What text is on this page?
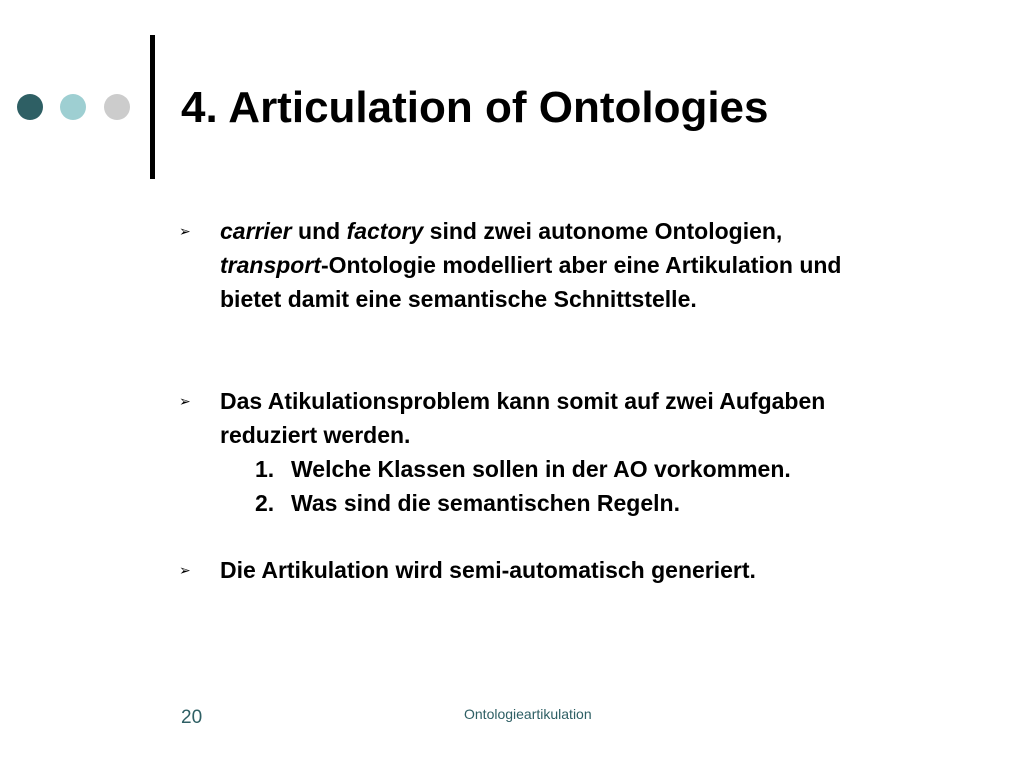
4. Articulation of Ontologies
➢ carrier und factory sind zwei autonome Ontologien,
transport-Ontologie modelliert aber eine Artikulation und
bietet damit eine semantische Schnittstelle.
➢ Das Atikulationsproblem kann somit auf zwei Aufgaben
reduziert werden.
1. Welche Klassen sollen in der AO vorkommen.
2. Was sind die semantischen Regeln.
➢ Die Artikulation wird semi-automatisch generiert.
20	Ontologieartikulation
